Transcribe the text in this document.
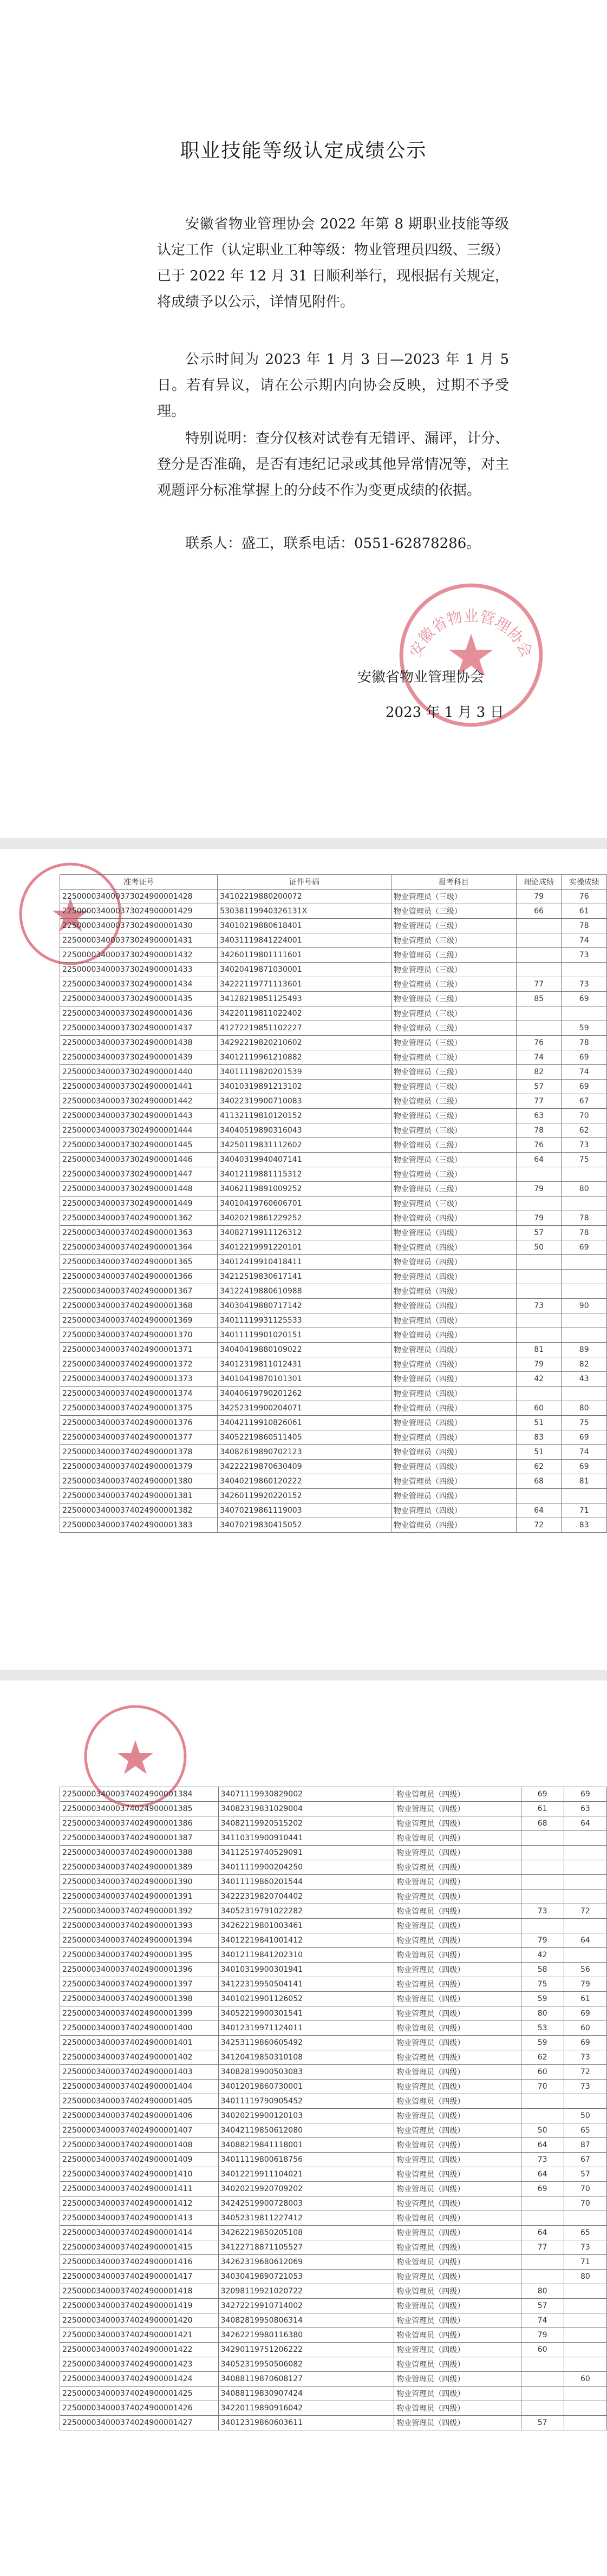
职业技能等级认定成绩公示

安徽省物业管理协会 2022 年第 8 期职业技能等级认定工作（认定职业工种等级：物业管理员四级、三级）已于 2022 年 12 月 31 日顺利举行，现根据有关规定，将成绩予以公示，详情见附件。

公示时间为 2023 年 1 月 3 日—2023 年 1 月 5 日。若有异议，请在公示期内向协会反映，过期不予受理。

特别说明：查分仅核对试卷有无错评、漏评，计分、登分是否准确，是否有违纪记录或其他异常情况等，对主观题评分标准掌握上的分歧不作为变更成绩的依据。

联系人：盛工，联系电话：0551-62878286。

安徽省物业管理协会
安徽省物业管理协会
2023 年 1 月 3 日
准考证号	证件号码	报考科目	理论成绩	实操成绩
225000034000373024900001428	34102219880200072	物业管理员（三级）	79	76
225000034000373024900001429	53038119940326131X	物业管理员（三级）	66	61
225000034000373024900001430	34010219880618401	物业管理员（三级）		78
225000034000373024900001431	34031119841224001	物业管理员（三级）		74
225000034000373024900001432	34260119801111601	物业管理员（三级）		73
225000034000373024900001433	34020419871030001	物业管理员（三级）		
225000034000373024900001434	34222119771113601	物业管理员（三级）	77	73
225000034000373024900001435	34128219851125493	物业管理员（三级）	85	69
225000034000373024900001436	34220119811022402	物业管理员（三级）		
225000034000373024900001437	41272219851102227	物业管理员（三级）		59
225000034000373024900001438	34292219820210602	物业管理员（三级）	76	78
225000034000373024900001439	34012119961210882	物业管理员（三级）	74	69
225000034000373024900001440	34011119820201539	物业管理员（三级）	82	74
225000034000373024900001441	34010319891213102	物业管理员（三级）	57	69
225000034000373024900001442	34022319900710083	物业管理员（三级）	77	67
225000034000373024900001443	41132119810120152	物业管理员（三级）	63	70
225000034000373024900001444	34040519890316043	物业管理员（三级）	78	62
225000034000373024900001445	34250119831112602	物业管理员（三级）	76	73
225000034000373024900001446	34040319940407141	物业管理员（三级）	64	75
225000034000373024900001447	34012119881115312	物业管理员（三级）		
225000034000373024900001448	34062119891009252	物业管理员（三级）	79	80
225000034000373024900001449	34010419760606701	物业管理员（三级）		
225000034000374024900001362	34020219861229252	物业管理员（四级）	79	78
225000034000374024900001363	34082719911126312	物业管理员（四级）	57	78
225000034000374024900001364	34012219991220101	物业管理员（四级）	50	69
225000034000374024900001365	34012419910418411	物业管理员（四级）		
225000034000374024900001366	34212519830617141	物业管理员（四级）		
225000034000374024900001367	34122419880610988	物业管理员（四级）		
225000034000374024900001368	34030419880717142	物业管理员（四级）	73	90
225000034000374024900001369	34011119931125533	物业管理员（四级）		
225000034000374024900001370	34011119901020151	物业管理员（四级）		
225000034000374024900001371	34040419880109022	物业管理员（四级）	81	89
225000034000374024900001372	34012319811012431	物业管理员（四级）	79	82
225000034000374024900001373	34010419870101301	物业管理员（四级）	42	43
225000034000374024900001374	34040619790201262	物业管理员（四级）		
225000034000374024900001375	34252319900204071	物业管理员（四级）	60	80
225000034000374024900001376	34042119910826061	物业管理员（四级）	51	75
225000034000374024900001377	34052219860511405	物业管理员（四级）	83	69
225000034000374024900001378	34082619890702123	物业管理员（四级）	51	74
225000034000374024900001379	34222219870630409	物业管理员（四级）	62	69
225000034000374024900001380	34040219860120222	物业管理员（四级）	68	81
225000034000374024900001381	34260119920220152	物业管理员（四级）		
225000034000374024900001382	34070219861119003	物业管理员（四级）	64	71
225000034000374024900001383	34070219830415052	物业管理员（四级）	72	83
225000034000374024900001384	34071119930829002	物业管理员（四级）	69	69
225000034000374024900001385	34082319831029004	物业管理员（四级）	61	63
225000034000374024900001386	34082119920515202	物业管理员（四级）	68	64
225000034000374024900001387	34110319900910441	物业管理员（四级）		
225000034000374024900001388	34112519740529091	物业管理员（四级）		
225000034000374024900001389	34011119900204250	物业管理员（四级）		
225000034000374024900001390	34011119860201544	物业管理员（四级）		
225000034000374024900001391	34222319820704402	物业管理员（四级）		
225000034000374024900001392	34052319791022282	物业管理员（四级）	73	72
225000034000374024900001393	34262219801003461	物业管理员（四级）		
225000034000374024900001394	34012219841001412	物业管理员（四级）	79	64
225000034000374024900001395	34012119841202310	物业管理员（四级）	42	
225000034000374024900001396	34010319900301941	物业管理员（四级）	58	56
225000034000374024900001397	34122319950504141	物业管理员（四级）	75	79
225000034000374024900001398	34010219901126052	物业管理员（四级）	59	61
225000034000374024900001399	34052219900301541	物业管理员（四级）	80	69
225000034000374024900001400	34012319971124011	物业管理员（四级）	53	60
225000034000374024900001401	34253119860605492	物业管理员（四级）	59	69
225000034000374024900001402	34120419850310108	物业管理员（四级）	62	73
225000034000374024900001403	34082819900503083	物业管理员（四级）	60	72
225000034000374024900001404	34012019860730001	物业管理员（四级）	70	73
225000034000374024900001405	34011119790905452	物业管理员（四级）		
225000034000374024900001406	34020219900120103	物业管理员（四级）		50
225000034000374024900001407	34042119850612080	物业管理员（四级）	50	65
225000034000374024900001408	34088219841118001	物业管理员（四级）	64	87
225000034000374024900001409	34011119800618756	物业管理员（四级）	73	67
225000034000374024900001410	34012219911104021	物业管理员（四级）	64	57
225000034000374024900001411	34020219920709202	物业管理员（四级）	69	70
225000034000374024900001412	34242519900728003	物业管理员（四级）		70
225000034000374024900001413	34052319811227412	物业管理员（四级）		
225000034000374024900001414	34262219850205108	物业管理员（四级）	64	65
225000034000374024900001415	34122718871105527	物业管理员（四级）	77	73
225000034000374024900001416	34262319680612069	物业管理员（四级）		71
225000034000374024900001417	34030419890721053	物业管理员（四级）		80
225000034000374024900001418	32098119921020722	物业管理员（四级）	80	
225000034000374024900001419	34272219910714002	物业管理员（四级）	57	
225000034000374024900001420	34082819950806314	物业管理员（四级）	74	
225000034000374024900001421	34262219980116380	物业管理员（四级）	79	
225000034000374024900001422	34290119751206222	物业管理员（四级）	60	
225000034000374024900001423	34052319950506082	物业管理员（四级）		
225000034000374024900001424	34088119870608127	物业管理员（四级）		60
225000034000374024900001425	34088119830907424	物业管理员（四级）		
225000034000374024900001426	34220119890916042	物业管理员（四级）		
225000034000374024900001427	34012319860603611	物业管理员（四级）	57	
